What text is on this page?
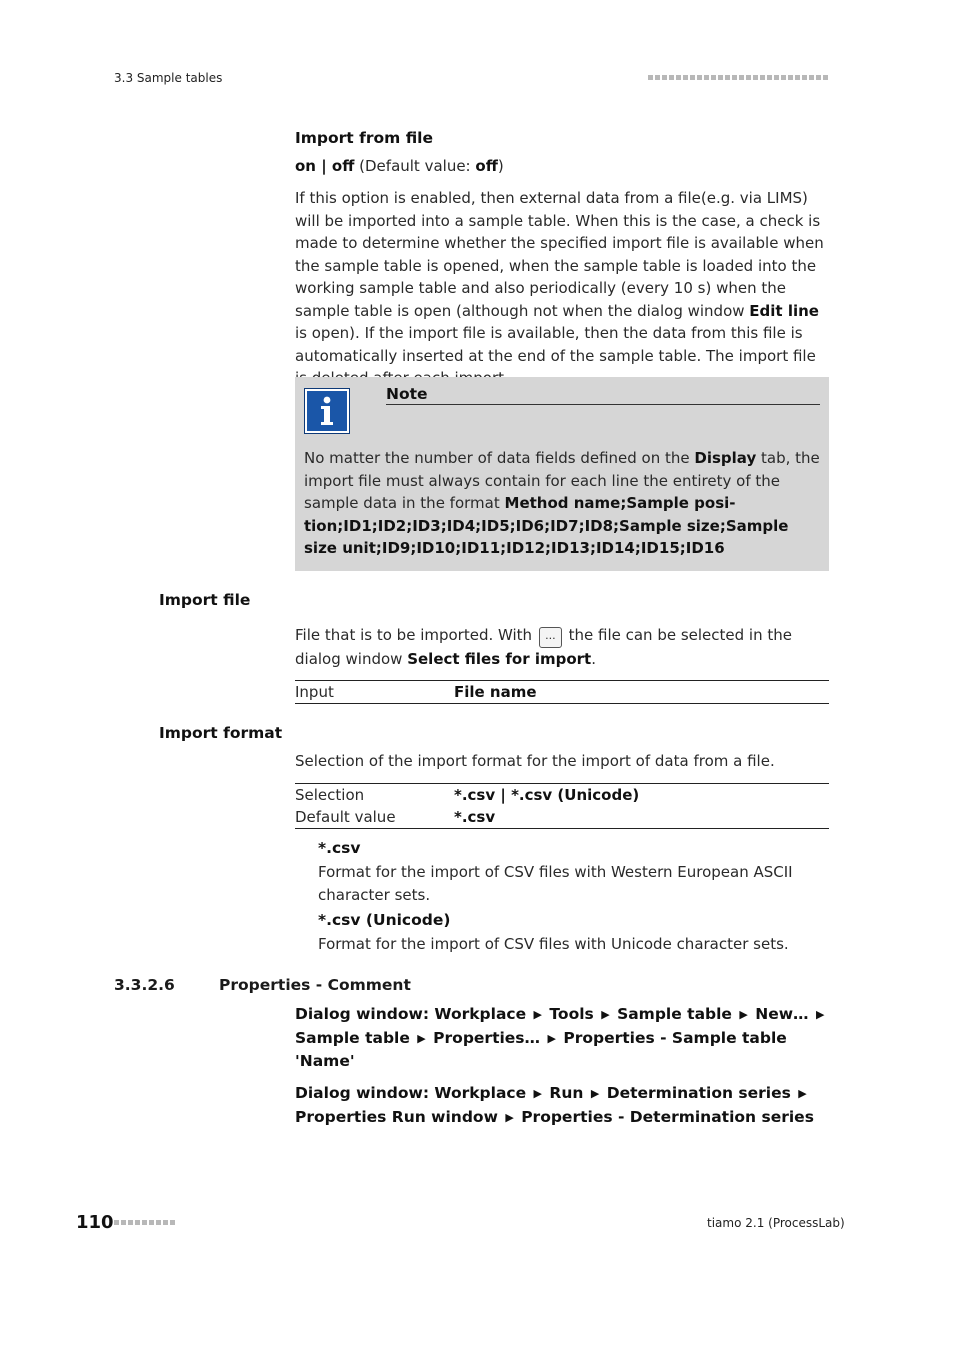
3.3 Sample tables
Import from file

on | off (Default value: off)

If this option is enabled, then external data from a file(e.g. via LIMS) will be imported into a sample table. When this is the case, a check is made to determine whether the specified import file is available when the sample table is opened, when the sample table is loaded into the working sample table and also periodically (every 10 s) when the sample table is open (although not when the dialog window Edit line is open). If the import file is available, then the data from this file is automatically inserted at the end of the sample table. The import file

Note

No matter the number of data fields defined on the Display tab, the import file must always contain for each line the entirety of the sample data in the format Method name;Sample position;ID1;ID2;ID3;ID4;ID5;ID6;ID7;ID8;Sample size;Sample size unit;ID9;ID10;ID11;ID12;ID13;ID14;ID15;ID16

Import file

File that is to be imported. With ... the file can be selected in the dialog window Select files for import.

Input	File name
Import format

Selection of the import format for the import of data from a file.

Selection	*.csv | *.csv (Unicode)
Default value	*.csv
*.csv

Format for the import of CSV files with Western European ASCII character sets.

*.csv (Unicode)

Format for the import of CSV files with Unicode character sets.

3.3.2.6	Properties - Comment

Dialog window: Workplace ▶ Tools ▶ Sample table ▶ New… ▶ Sample table ▶ Properties… ▶ Properties - Sample table 'Name'

Dialog window: Workplace ▶ Run ▶ Determination series ▶ Properties Run window ▶ Properties - Determination series

110	tiamo 2.1 (ProcessLab)
